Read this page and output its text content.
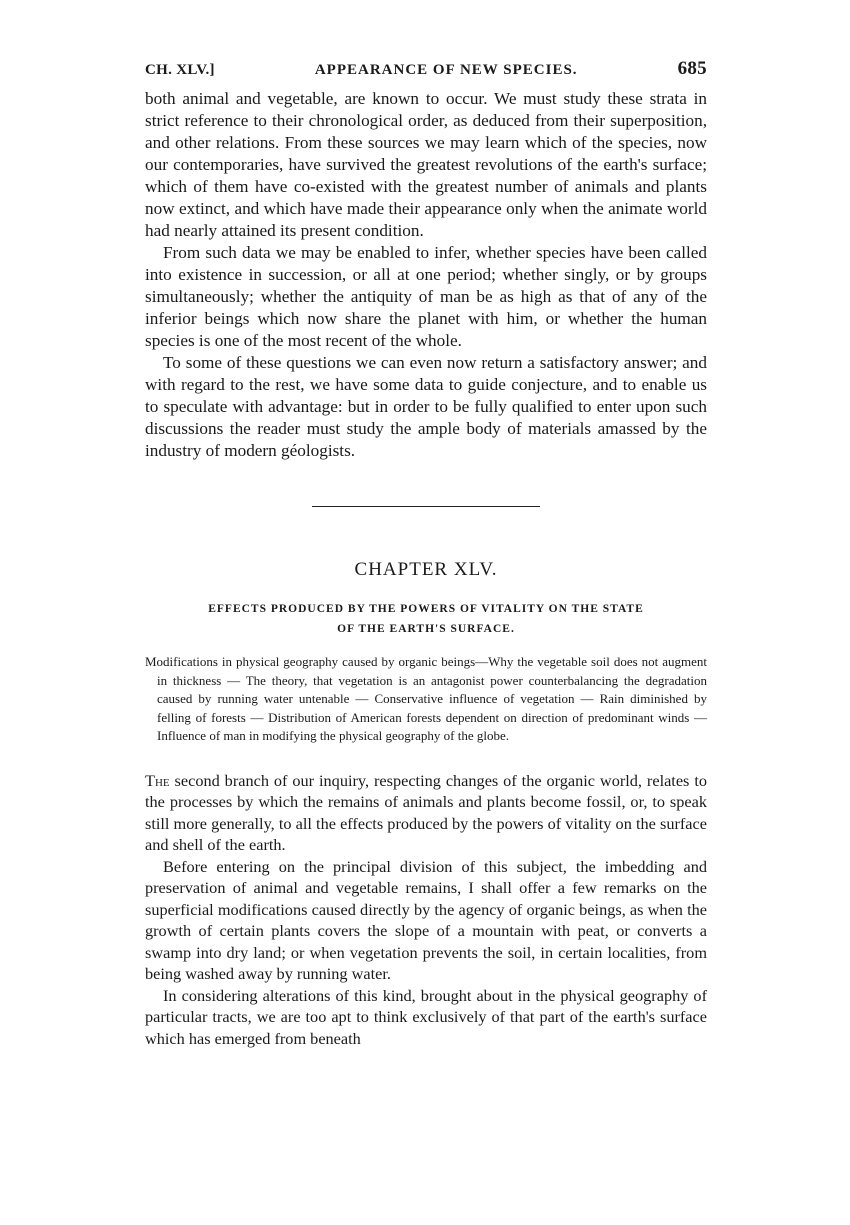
CH. XLV.]	APPEARANCE OF NEW SPECIES.	685

both animal and vegetable, are known to occur. We must study these strata in strict reference to their chronological order, as deduced from their superposition, and other relations. From these sources we may learn which of the species, now our contemporaries, have survived the greatest revolutions of the earth's surface; which of them have co-existed with the greatest number of animals and plants now extinct, and which have made their appearance only when the animate world had nearly attained its present condition.

From such data we may be enabled to infer, whether species have been called into existence in succession, or all at one period; whether singly, or by groups simultaneously; whether the antiquity of man be as high as that of any of the inferior beings which now share the planet with him, or whether the human species is one of the most recent of the whole.

To some of these questions we can even now return a satisfactory answer; and with regard to the rest, we have some data to guide conjecture, and to enable us to speculate with advantage: but in order to be fully qualified to enter upon such discussions the reader must study the ample body of materials amassed by the industry of modern géologists.

CHAPTER XLV.
EFFECTS PRODUCED BY THE POWERS OF VITALITY ON THE STATE
OF THE EARTH'S SURFACE.
Modifications in physical geography caused by organic beings—Why the vegetable soil does not augment in thickness — The theory, that vegetation is an antagonist power counterbalancing the degradation caused by running water untenable — Conservative influence of vegetation — Rain diminished by felling of forests — Distribution of American forests dependent on direction of predominant winds — Influence of man in modifying the physical geography of the globe.

The second branch of our inquiry, respecting changes of the organic world, relates to the processes by which the remains of animals and plants become fossil, or, to speak still more generally, to all the effects produced by the powers of vitality on the surface and shell of the earth.

Before entering on the principal division of this subject, the imbedding and preservation of animal and vegetable remains, I shall offer a few remarks on the superficial modifications caused directly by the agency of organic beings, as when the growth of certain plants covers the slope of a mountain with peat, or converts a swamp into dry land; or when vegetation prevents the soil, in certain localities, from being washed away by running water.

In considering alterations of this kind, brought about in the physical geography of particular tracts, we are too apt to think exclusively of that part of the earth's surface which has emerged from beneath
